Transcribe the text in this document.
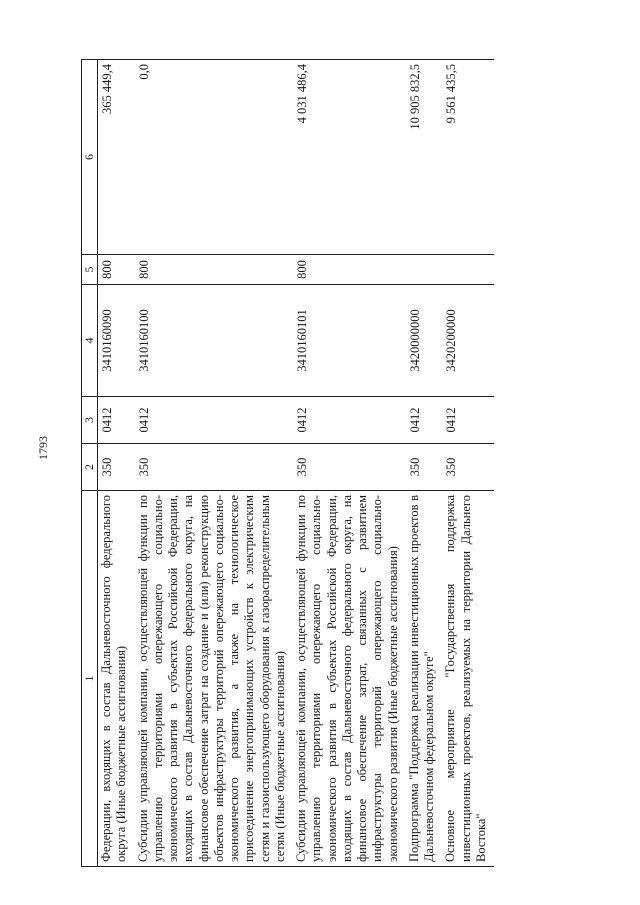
1793
1	2	3	4	5	6
Федерации, входящих в состав Дальневосточного федерального округа (Иные бюджетные ассигнования)	350	0412	3410160090	800	365 449,4
Субсидии управляющей компании, осуществляющей функции по управлению территориями опережающего социально-экономического развития в субъектах Российской Федерации, входящих в состав Дальневосточного федерального округа, на финансовое обеспечение затрат на создание и (или) реконструкцию объектов инфраструктуры территорий опережающего социально-экономического развития, а также на технологическое присоединение энергопринимающих устройств к электрическим сетям и газоиспользующего оборудования к газораспределительным сетям (Иные бюджетные ассигнования)	350	0412	3410160100	800	0,0
Субсидии управляющей компании, осуществляющей функции по управлению территориями опережающего социально-экономического развития в субъектах Российской Федерации, входящих в состав Дальневосточного федерального округа, на финансовое обеспечение затрат, связанных с развитием инфраструктуры территорий опережающего социально-экономического развития (Иные бюджетные ассигнования)	350	0412	3410160101	800	4 031 486,4
Подпрограмма "Поддержка реализации инвестиционных проектов в Дальневосточном федеральном округе"	350	0412	3420000000		10 905 832,5
Основное мероприятие "Государственная поддержка инвестиционных проектов, реализуемых на территории Дальнего Востока"	350	0412	3420200000		9 561 435,5
